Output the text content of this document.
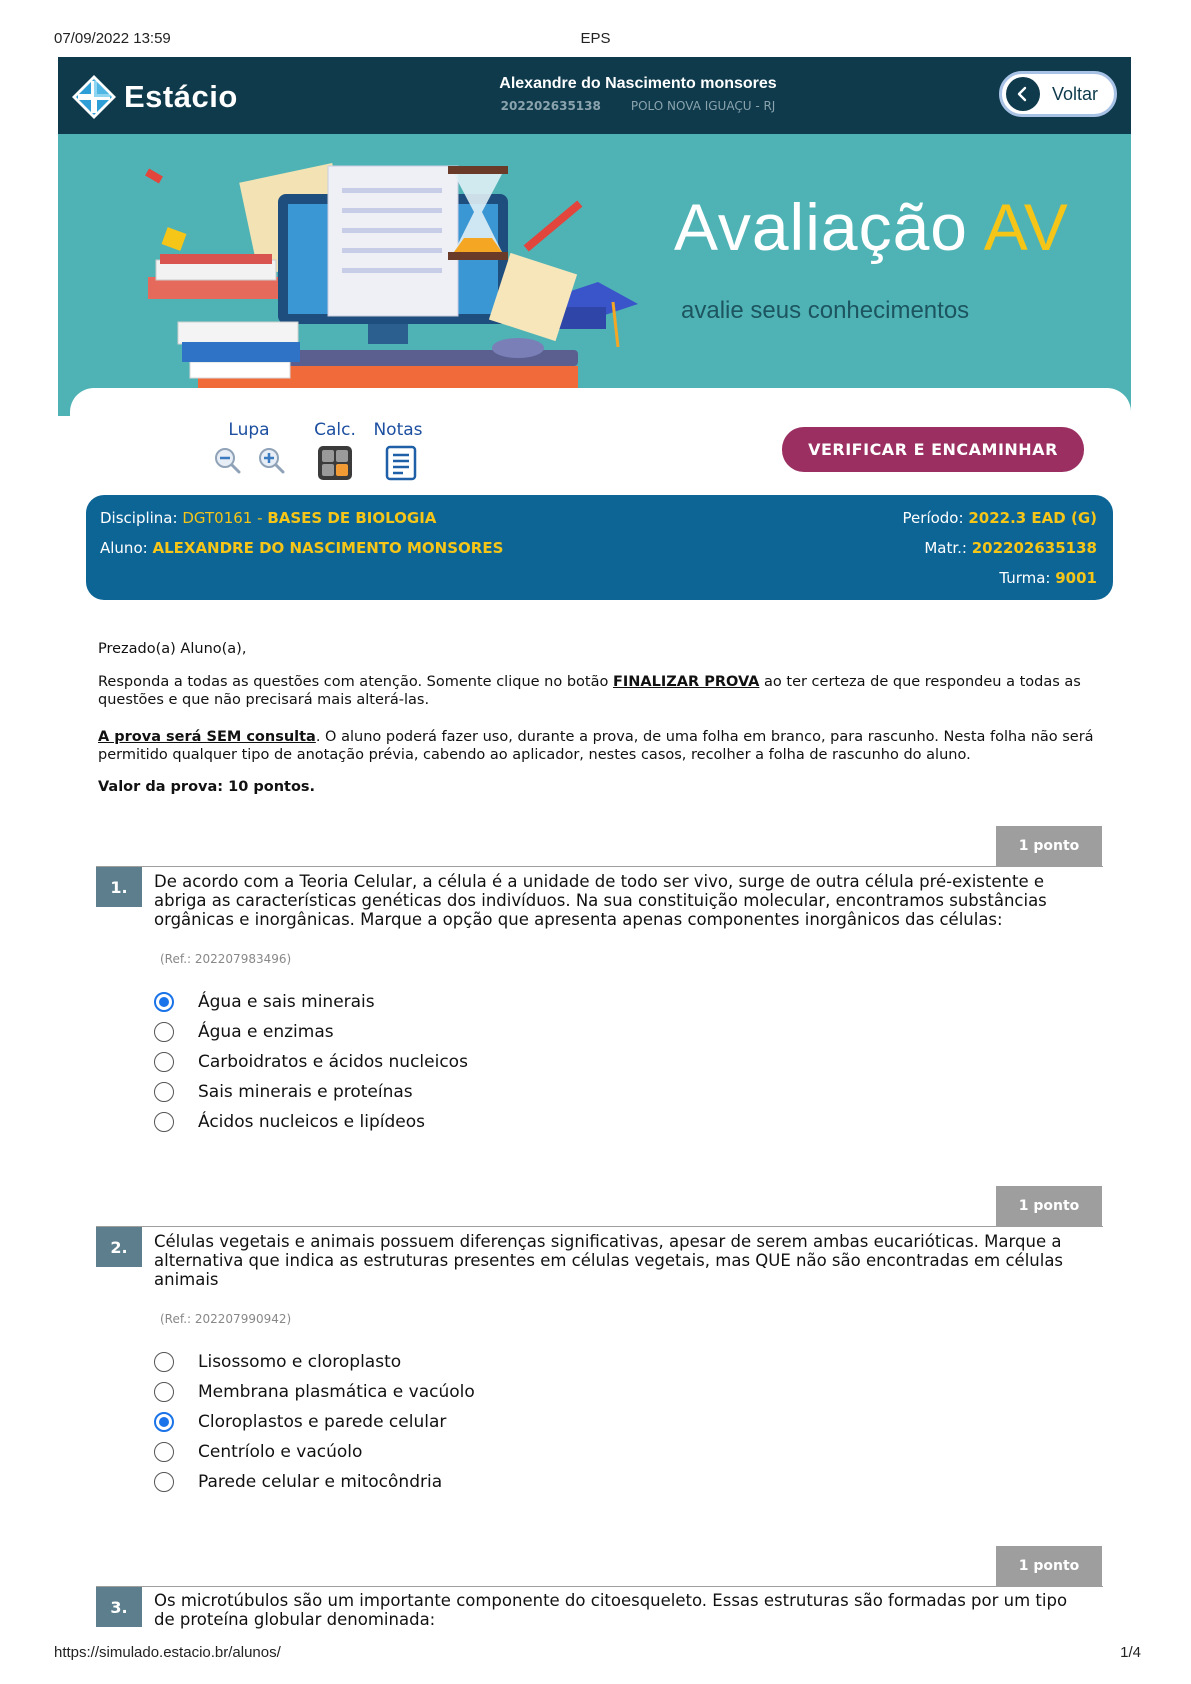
07/09/2022 13:59	EPS
Estácio	Alexandre do Nascimento monsores
202202635138	POLO NOVA IGUAÇU - RJ
Voltar
Avaliação AV
avalie seus conhecimentos
Lupa	Calc. Notas
VERIFICAR E ENCAMINHAR
Disciplina: DGT0161 - BASES DE BIOLOGIA
Aluno: ALEXANDRE DO NASCIMENTO MONSORES
Período: 2022.3 EAD (G)
Matr.: 202202635138
Turma: 9001
Prezado(a) Aluno(a),
Responda a todas as questões com atenção. Somente clique no botão FINALIZAR PROVA ao ter certeza de que respondeu a todas as questões e que não precisará mais alterá-las.
A prova será SEM consulta. O aluno poderá fazer uso, durante a prova, de uma folha em branco, para rascunho. Nesta folha não será permitido qualquer tipo de anotação prévia, cabendo ao aplicador, nestes casos, recolher a folha de rascunho do aluno.
Valor da prova: 10 pontos.
1 ponto
1.	De acordo com a Teoria Celular, a célula é a unidade de todo ser vivo, surge de outra célula pré-existente e abriga as características genéticas dos indivíduos. Na sua constituição molecular, encontramos substâncias orgânicas e inorgânicas. Marque a opção que apresenta apenas componentes inorgânicos das células:
(Ref.: 202207983496)
Água e sais minerais
Água e enzimas
Carboidratos e ácidos nucleicos
Sais minerais e proteínas
Ácidos nucleicos e lipídeos
1 ponto
2.	Células vegetais e animais possuem diferenças significativas, apesar de serem ambas eucarióticas. Marque a alternativa que indica as estruturas presentes em células vegetais, mas QUE não são encontradas em células animais
(Ref.: 202207990942)
Lisossomo e cloroplasto
Membrana plasmática e vacúolo
Cloroplastos e parede celular
Centríolo e vacúolo
Parede celular e mitocôndria
1 ponto
3.	Os microtúbulos são um importante componente do citoesqueleto. Essas estruturas são formadas por um tipo de proteína globular denominada:
https://simulado.estacio.br/alunos/	1/4
